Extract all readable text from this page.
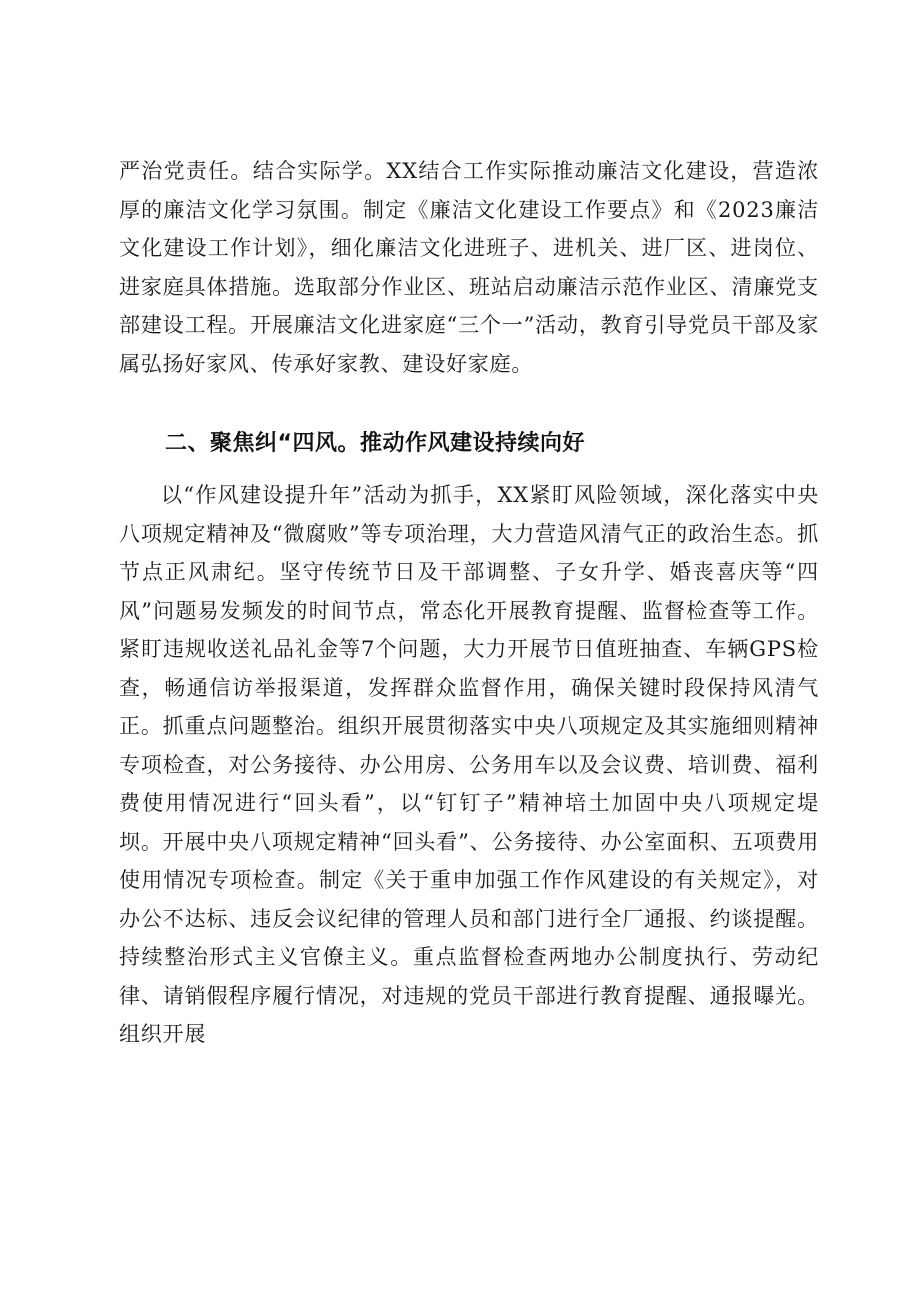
严治党责任。结合实际学。XX结合工作实际推动廉洁文化建设，营造浓厚的廉洁文化学习氛围。制定《廉洁文化建设工作要点》和《2023廉洁文化建设工作计划》，细化廉洁文化进班子、进机关、进厂区、进岗位、进家庭具体措施。选取部分作业区、班站启动廉洁示范作业区、清廉党支部建设工程。开展廉洁文化进家庭“三个一”活动，教育引导党员干部及家属弘扬好家风、传承好家教、建设好家庭。

二、聚焦纠“四风。推动作风建设持续向好

以“作风建设提升年”活动为抓手，XX紧盯风险领域，深化落实中央八项规定精神及“微腐败”等专项治理，大力营造风清气正的政治生态。抓节点正风肃纪。坚守传统节日及干部调整、子女升学、婚丧喜庆等“四风”问题易发频发的时间节点，常态化开展教育提醒、监督检查等工作。紧盯违规收送礼品礼金等7个问题，大力开展节日值班抽查、车辆GPS检查，畅通信访举报渠道，发挥群众监督作用，确保关键时段保持风清气正。抓重点问题整治。组织开展贯彻落实中央八项规定及其实施细则精神专项检查，对公务接待、办公用房、公务用车以及会议费、培训费、福利费使用情况进行“回头看”，以“钉钉子”精神培土加固中央八项规定堤坝。开展中央八项规定精神“回头看”、公务接待、办公室面积、五项费用使用情况专项检查。制定《关于重申加强工作作风建设的有关规定》，对办公不达标、违反会议纪律的管理人员和部门进行全厂通报、约谈提醒。持续整治形式主义官僚主义。重点监督检查两地办公制度执行、劳动纪律、请销假程序履行情况，对违规的党员干部进行教育提醒、通报曝光。组织开展
